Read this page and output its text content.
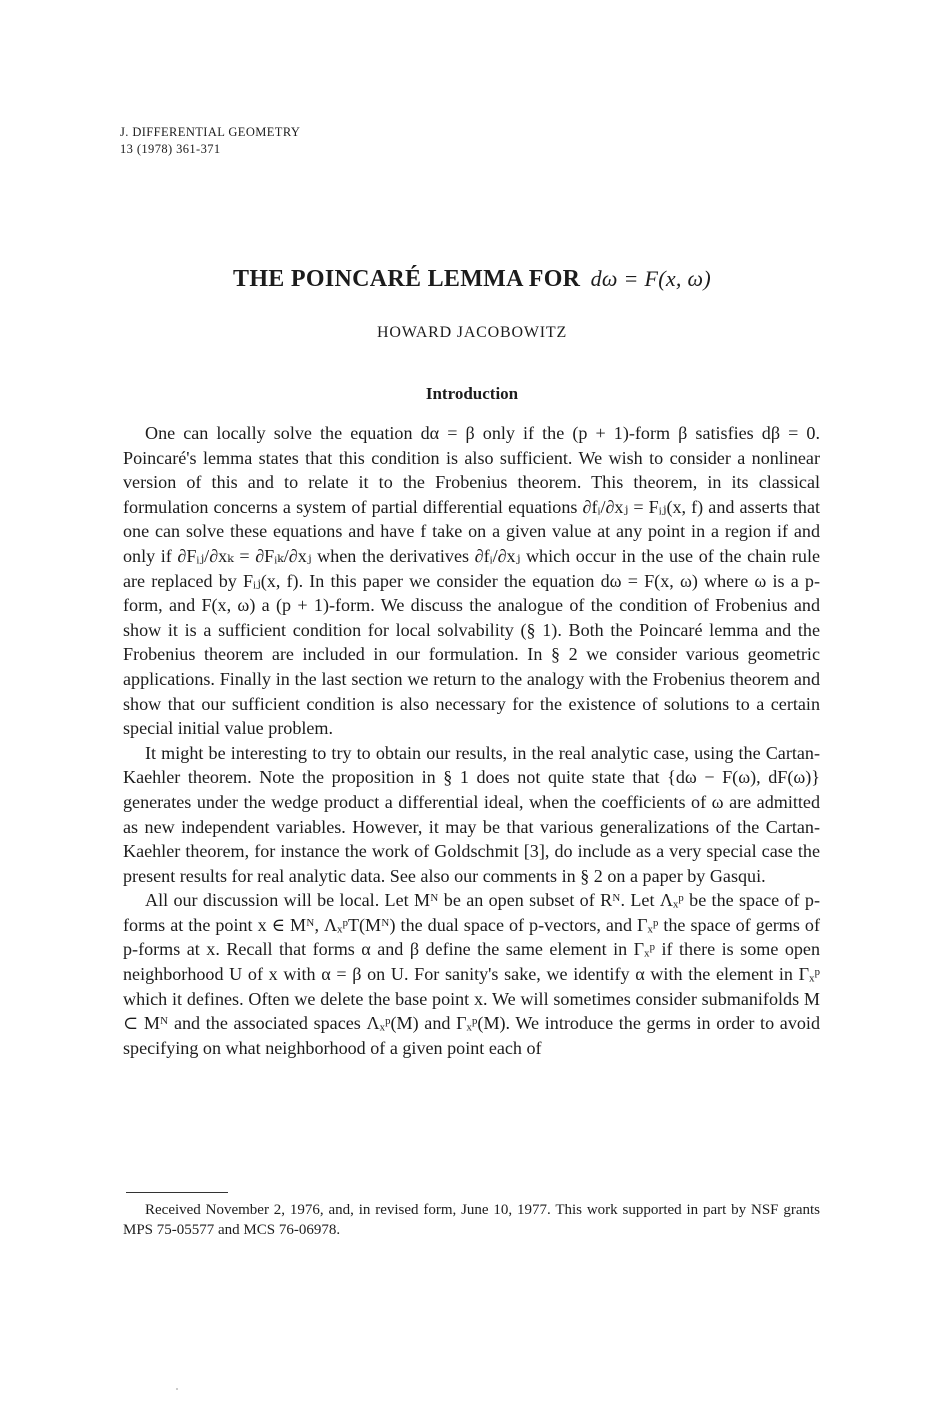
J. DIFFERENTIAL GEOMETRY
13 (1978) 361-371
THE POINCARÉ LEMMA FOR dω = F(x, ω)
HOWARD JACOBOWITZ
Introduction

One can locally solve the equation dα = β only if the (p + 1)-form β satisfies dβ = 0. Poincaré's lemma states that this condition is also sufficient. We wish to consider a nonlinear version of this and to relate it to the Frobenius theorem. This theorem, in its classical formulation concerns a system of partial differential equations ∂fᵢ/∂xⱼ = Fᵢⱼ(x, f) and asserts that one can solve these equations and have f take on a given value at any point in a region if and only if ∂Fᵢⱼ/∂xₖ = ∂Fᵢₖ/∂xⱼ when the derivatives ∂fᵢ/∂xⱼ which occur in the use of the chain rule are replaced by Fᵢⱼ(x, f). In this paper we consider the equation dω = F(x, ω) where ω is a p-form, and F(x, ω) a (p + 1)-form. We discuss the analogue of the condition of Frobenius and show it is a sufficient condition for local solvability (§ 1). Both the Poincaré lemma and the Frobenius theorem are included in our formulation. In § 2 we consider various geometric applications. Finally in the last section we return to the analogy with the Frobenius theorem and show that our sufficient condition is also necessary for the existence of solutions to a certain special initial value problem.

It might be interesting to try to obtain our results, in the real analytic case, using the Cartan-Kaehler theorem. Note the proposition in § 1 does not quite state that {dω − F(ω), dF(ω)} generates under the wedge product a differential ideal, when the coefficients of ω are admitted as new independent variables. However, it may be that various generalizations of the Cartan-Kaehler theorem, for instance the work of Goldschmit [3], do include as a very special case the present results for real analytic data. See also our comments in § 2 on a paper by Gasqui.

All our discussion will be local. Let Mᴺ be an open subset of Rᴺ. Let Λₓᵖ be the space of p-forms at the point x ∈ Mᴺ, ΛₓᵖT(Mᴺ) the dual space of p-vectors, and Γₓᵖ the space of germs of p-forms at x. Recall that forms α and β define the same element in Γₓᵖ if there is some open neighborhood U of x with α = β on U. For sanity's sake, we identify α with the element in Γₓᵖ which it defines. Often we delete the base point x. We will sometimes consider submanifolds M ⊂ Mᴺ and the associated spaces Λₓᵖ(M) and Γₓᵖ(M). We introduce the germs in order to avoid specifying on what neighborhood of a given point each of

Received November 2, 1976, and, in revised form, June 10, 1977. This work supported in part by NSF grants MPS 75-05577 and MCS 76-06978.
